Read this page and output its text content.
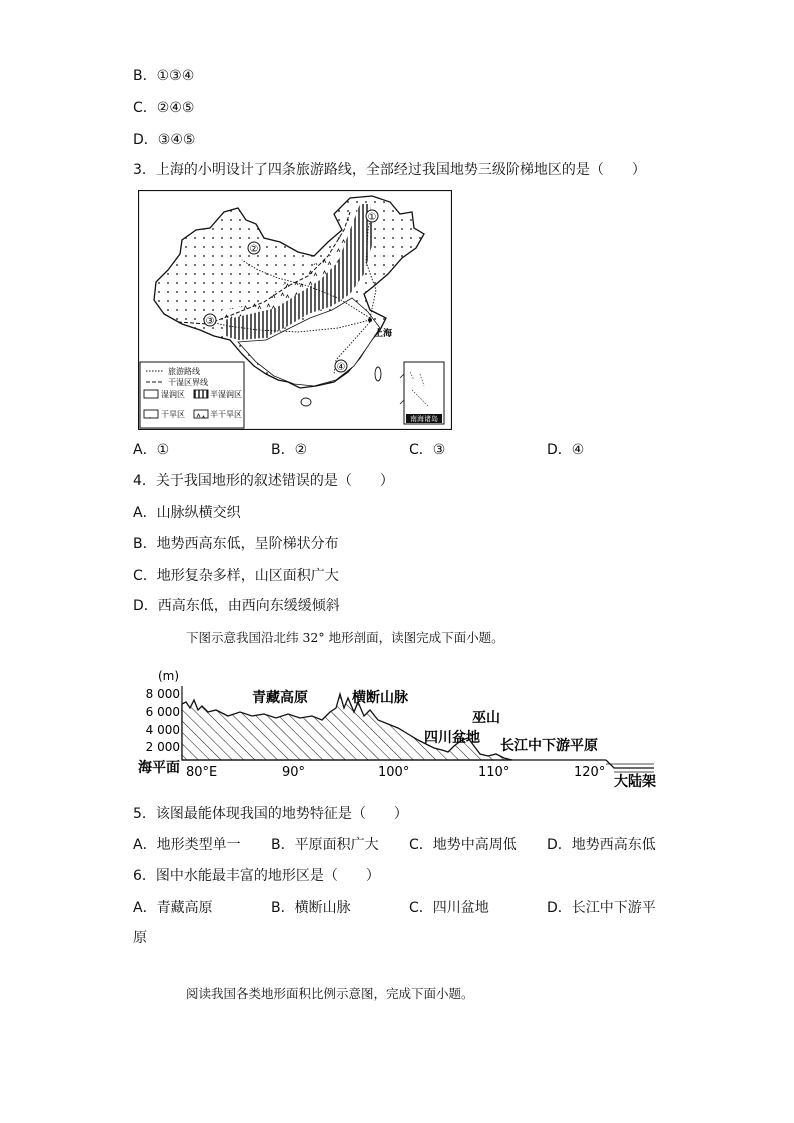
B．①③④
C．②④⑤
D．③④⑤
3．上海的小明设计了四条旅游路线，全部经过我国地势三级阶梯地区的是（　　）
①
②
③
④
上海
南海诸岛
旅游路线
干湿区界线
湿润区	半湿润区
干旱区	半干旱区
A．①	B．②	C．③	D．④
4．关于我国地形的叙述错误的是（　　）
A．山脉纵横交织
B．地势西高东低，呈阶梯状分布
C．地形复杂多样，山区面积广大
D．西高东低，由西向东缓缓倾斜
下图示意我国沿北纬 32° 地形剖面，读图完成下面小题。
(m)
8 000
6 000
4 000
2 000
海平面 80°E	90°	100°	110°	120°
青藏高原	横断山脉
四川盆地
巫山
长江中下游平原
大陆架
5．该图最能体现我国的地势特征是（　　）
A．地形类型单一 B．平原面积广大 C．地势中高周低 D．地势西高东低
6．图中水能最丰富的地形区是（　　）
A．青藏高原	B．横断山脉	C．四川盆地	D．长江中下游平
原
阅读我国各类地形面积比例示意图，完成下面小题。
